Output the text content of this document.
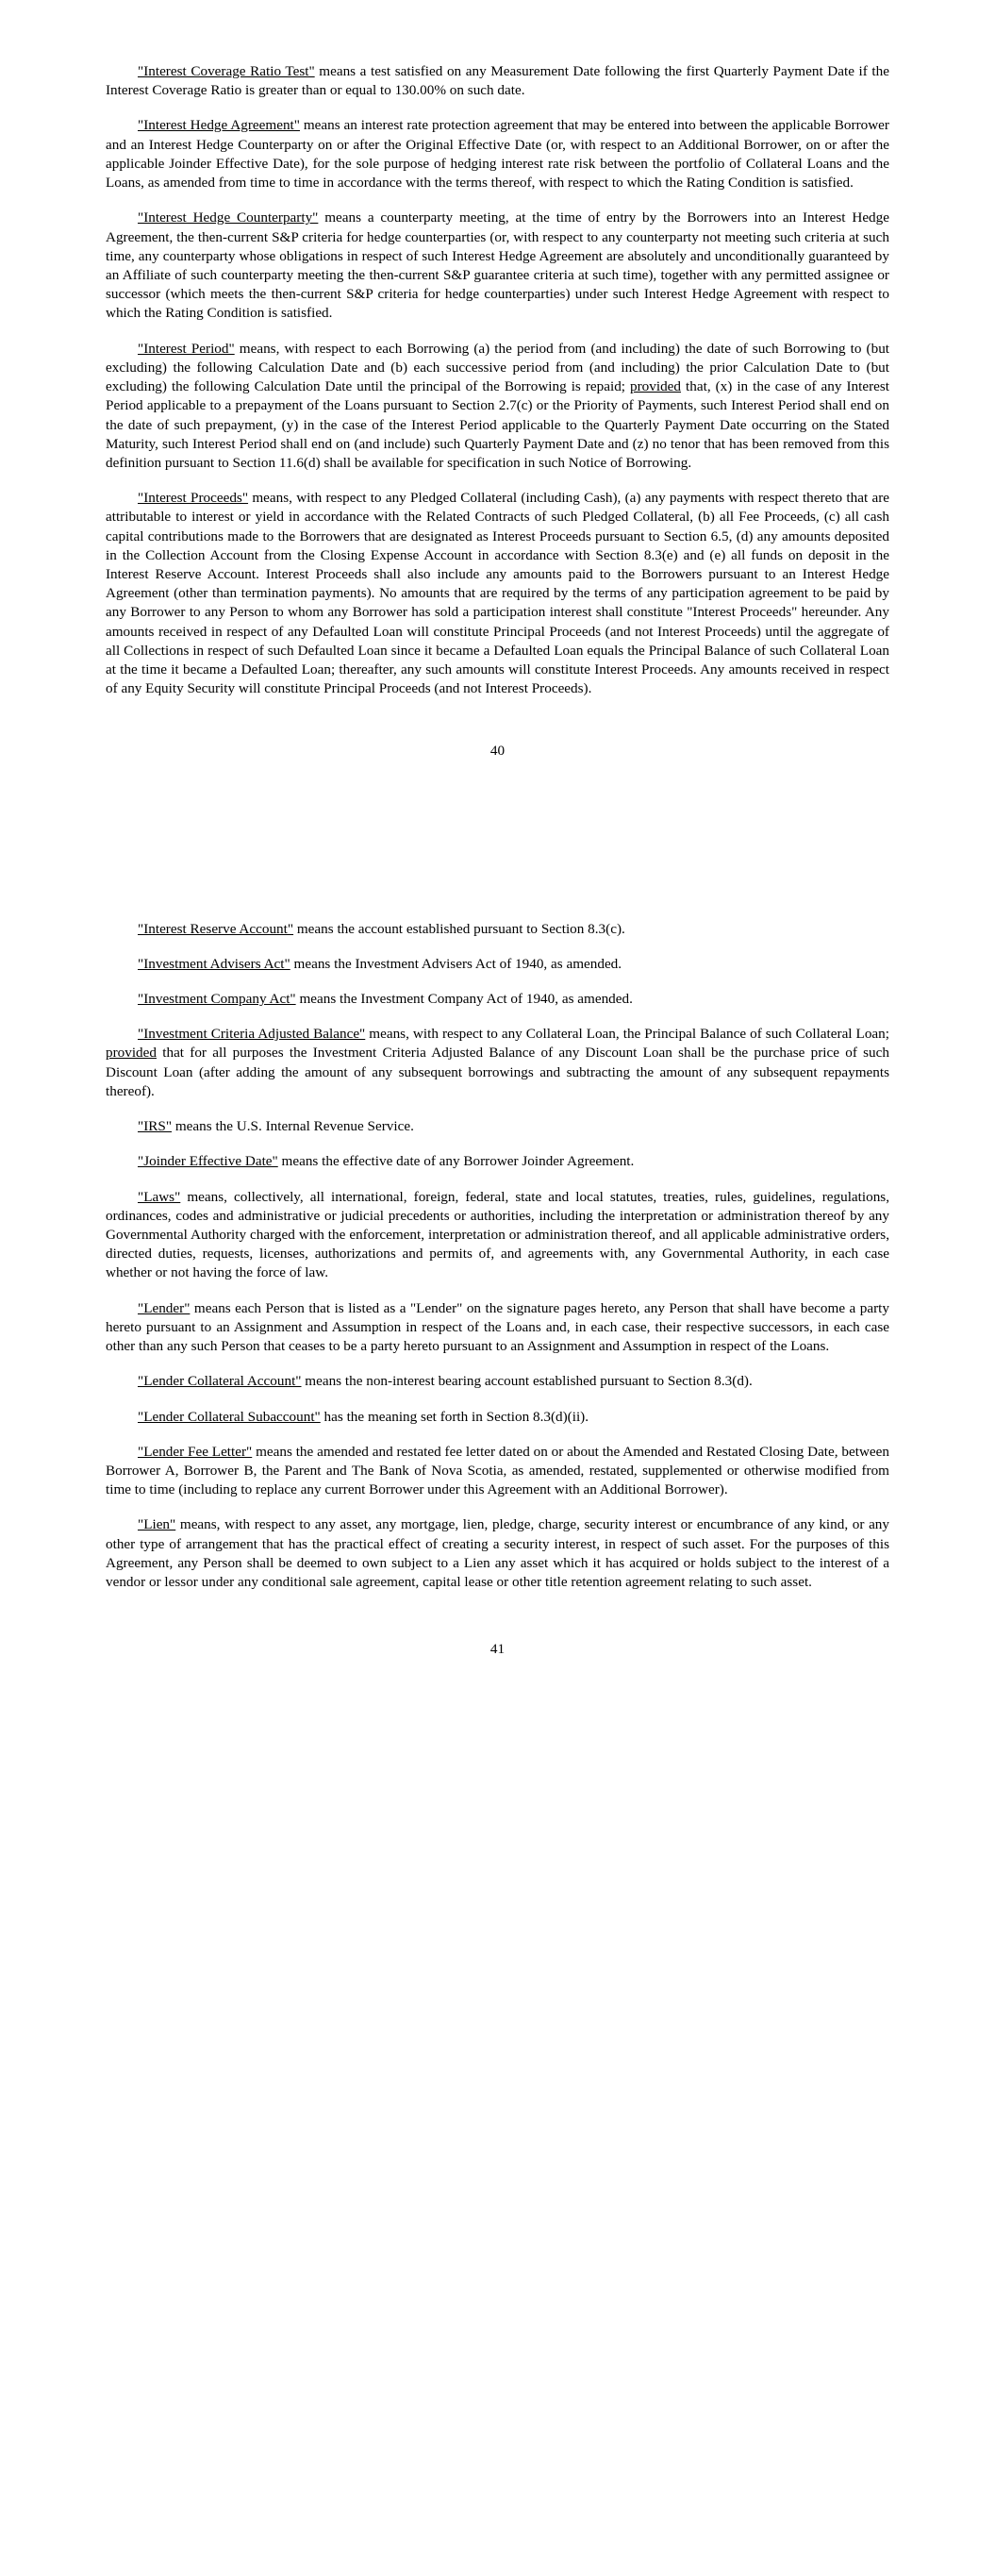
"Interest Coverage Ratio Test" means a test satisfied on any Measurement Date following the first Quarterly Payment Date if the Interest Coverage Ratio is greater than or equal to 130.00% on such date.

"Interest Hedge Agreement" means an interest rate protection agreement that may be entered into between the applicable Borrower and an Interest Hedge Counterparty on or after the Original Effective Date (or, with respect to an Additional Borrower, on or after the applicable Joinder Effective Date), for the sole purpose of hedging interest rate risk between the portfolio of Collateral Loans and the Loans, as amended from time to time in accordance with the terms thereof, with respect to which the Rating Condition is satisfied.

"Interest Hedge Counterparty" means a counterparty meeting, at the time of entry by the Borrowers into an Interest Hedge Agreement, the then-current S&P criteria for hedge counterparties (or, with respect to any counterparty not meeting such criteria at such time, any counterparty whose obligations in respect of such Interest Hedge Agreement are absolutely and unconditionally guaranteed by an Affiliate of such counterparty meeting the then-current S&P guarantee criteria at such time), together with any permitted assignee or successor (which meets the then-current S&P criteria for hedge counterparties) under such Interest Hedge Agreement with respect to which the Rating Condition is satisfied.

"Interest Period" means, with respect to each Borrowing (a) the period from (and including) the date of such Borrowing to (but excluding) the following Calculation Date and (b) each successive period from (and including) the prior Calculation Date to (but excluding) the following Calculation Date until the principal of the Borrowing is repaid; provided that, (x) in the case of any Interest Period applicable to a prepayment of the Loans pursuant to Section 2.7(c) or the Priority of Payments, such Interest Period shall end on the date of such prepayment, (y) in the case of the Interest Period applicable to the Quarterly Payment Date occurring on the Stated Maturity, such Interest Period shall end on (and include) such Quarterly Payment Date and (z) no tenor that has been removed from this definition pursuant to Section 11.6(d) shall be available for specification in such Notice of Borrowing.

"Interest Proceeds" means, with respect to any Pledged Collateral (including Cash), (a) any payments with respect thereto that are attributable to interest or yield in accordance with the Related Contracts of such Pledged Collateral, (b) all Fee Proceeds, (c) all cash capital contributions made to the Borrowers that are designated as Interest Proceeds pursuant to Section 6.5, (d) any amounts deposited in the Collection Account from the Closing Expense Account in accordance with Section 8.3(e) and (e) all funds on deposit in the Interest Reserve Account. Interest Proceeds shall also include any amounts paid to the Borrowers pursuant to an Interest Hedge Agreement (other than termination payments). No amounts that are required by the terms of any participation agreement to be paid by any Borrower to any Person to whom any Borrower has sold a participation interest shall constitute "Interest Proceeds" hereunder. Any amounts received in respect of any Defaulted Loan will constitute Principal Proceeds (and not Interest Proceeds) until the aggregate of all Collections in respect of such Defaulted Loan since it became a Defaulted Loan equals the Principal Balance of such Collateral Loan at the time it became a Defaulted Loan; thereafter, any such amounts will constitute Interest Proceeds. Any amounts received in respect of any Equity Security will constitute Principal Proceeds (and not Interest Proceeds).

40

"Interest Reserve Account" means the account established pursuant to Section 8.3(c).

"Investment Advisers Act" means the Investment Advisers Act of 1940, as amended.

"Investment Company Act" means the Investment Company Act of 1940, as amended.

"Investment Criteria Adjusted Balance" means, with respect to any Collateral Loan, the Principal Balance of such Collateral Loan; provided that for all purposes the Investment Criteria Adjusted Balance of any Discount Loan shall be the purchase price of such Discount Loan (after adding the amount of any subsequent borrowings and subtracting the amount of any subsequent repayments thereof).

"IRS" means the U.S. Internal Revenue Service.

"Joinder Effective Date" means the effective date of any Borrower Joinder Agreement.

"Laws" means, collectively, all international, foreign, federal, state and local statutes, treaties, rules, guidelines, regulations, ordinances, codes and administrative or judicial precedents or authorities, including the interpretation or administration thereof by any Governmental Authority charged with the enforcement, interpretation or administration thereof, and all applicable administrative orders, directed duties, requests, licenses, authorizations and permits of, and agreements with, any Governmental Authority, in each case whether or not having the force of law.

"Lender" means each Person that is listed as a "Lender" on the signature pages hereto, any Person that shall have become a party hereto pursuant to an Assignment and Assumption in respect of the Loans and, in each case, their respective successors, in each case other than any such Person that ceases to be a party hereto pursuant to an Assignment and Assumption in respect of the Loans.

"Lender Collateral Account" means the non-interest bearing account established pursuant to Section 8.3(d).

"Lender Collateral Subaccount" has the meaning set forth in Section 8.3(d)(ii).

"Lender Fee Letter" means the amended and restated fee letter dated on or about the Amended and Restated Closing Date, between Borrower A, Borrower B, the Parent and The Bank of Nova Scotia, as amended, restated, supplemented or otherwise modified from time to time (including to replace any current Borrower under this Agreement with an Additional Borrower).

"Lien" means, with respect to any asset, any mortgage, lien, pledge, charge, security interest or encumbrance of any kind, or any other type of arrangement that has the practical effect of creating a security interest, in respect of such asset. For the purposes of this Agreement, any Person shall be deemed to own subject to a Lien any asset which it has acquired or holds subject to the interest of a vendor or lessor under any conditional sale agreement, capital lease or other title retention agreement relating to such asset.

41
